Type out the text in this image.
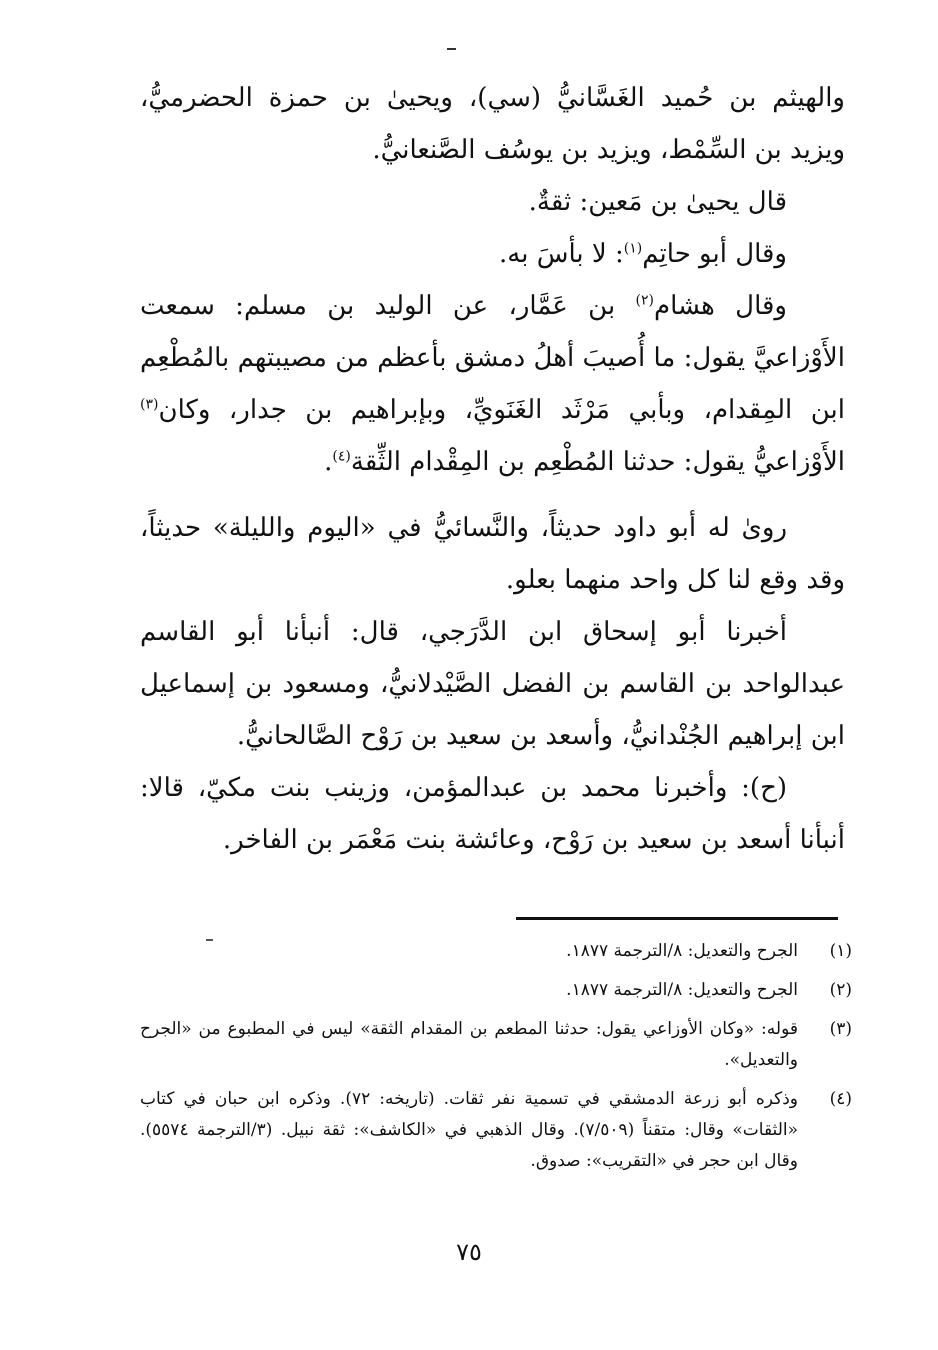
والهيثم بن حُميد الغَسَّانيُّ (سي)، ويحيىٰ بن حمزة الحضرميُّ، ويزيد بن السِّمْط، ويزيد بن يوسُف الصَّنعانيُّ.

قال يحيىٰ بن مَعين: ثقةٌ.

وقال أبو حاتِم$^{(١)}$: لا بأسَ به.

وقال هشام$^{(٢)}$ بن عَمَّار، عن الوليد بن مسلم: سمعت الأَوْزاعيَّ يقول: ما أُصيبَ أهلُ دمشق بأعظم من مصيبتهم بالمُطْعِم ابن المِقدام، وبأبي مَرْثَد الغَنَويِّ، وبإبراهيم بن جدار، وكان$^{(٣)}$ الأَوْزاعيُّ يقول: حدثنا المُطْعِم بن المِقْدام الثِّقة$^{(٤)}$.

روىٰ له أبو داود حديثاً، والنَّسائيُّ في «اليوم والليلة» حديثاً، وقد وقع لنا كل واحد منهما بعلو.

أخبرنا أبو إسحاق ابن الدَّرَجي، قال: أنبأنا أبو القاسم عبدالواحد بن القاسم بن الفضل الصَّيْدلانيُّ، ومسعود بن إسماعيل ابن إبراهيم الجُنْدانيُّ، وأسعد بن سعيد بن رَوْح الصَّالحانيُّ.

(ح): وأخبرنا محمد بن عبدالمؤمن، وزينب بنت مكيّ، قالا: أنبأنا أسعد بن سعيد بن رَوْح، وعائشة بنت مَعْمَر بن الفاخر.

(١)
الجرح والتعديل: ٨/الترجمة ١٨٧٧.
(٢)
الجرح والتعديل: ٨/الترجمة ١٨٧٧.
(٣)
قوله: «وكان الأوزاعي يقول: حدثنا المطعم بن المقدام الثقة» ليس في المطبوع من «الجرح والتعديل».
(٤)
وذكره أبو زرعة الدمشقي في تسمية نفر ثقات. (تاريخه: ٧٢). وذكره ابن حبان في كتاب «الثقات» وقال: متقناً (٧/٥٠٩). وقال الذهبي في «الكاشف»: ثقة نبيل. (٣/الترجمة ٥٥٧٤). وقال ابن حجر في «التقريب»: صدوق.
٧٥
